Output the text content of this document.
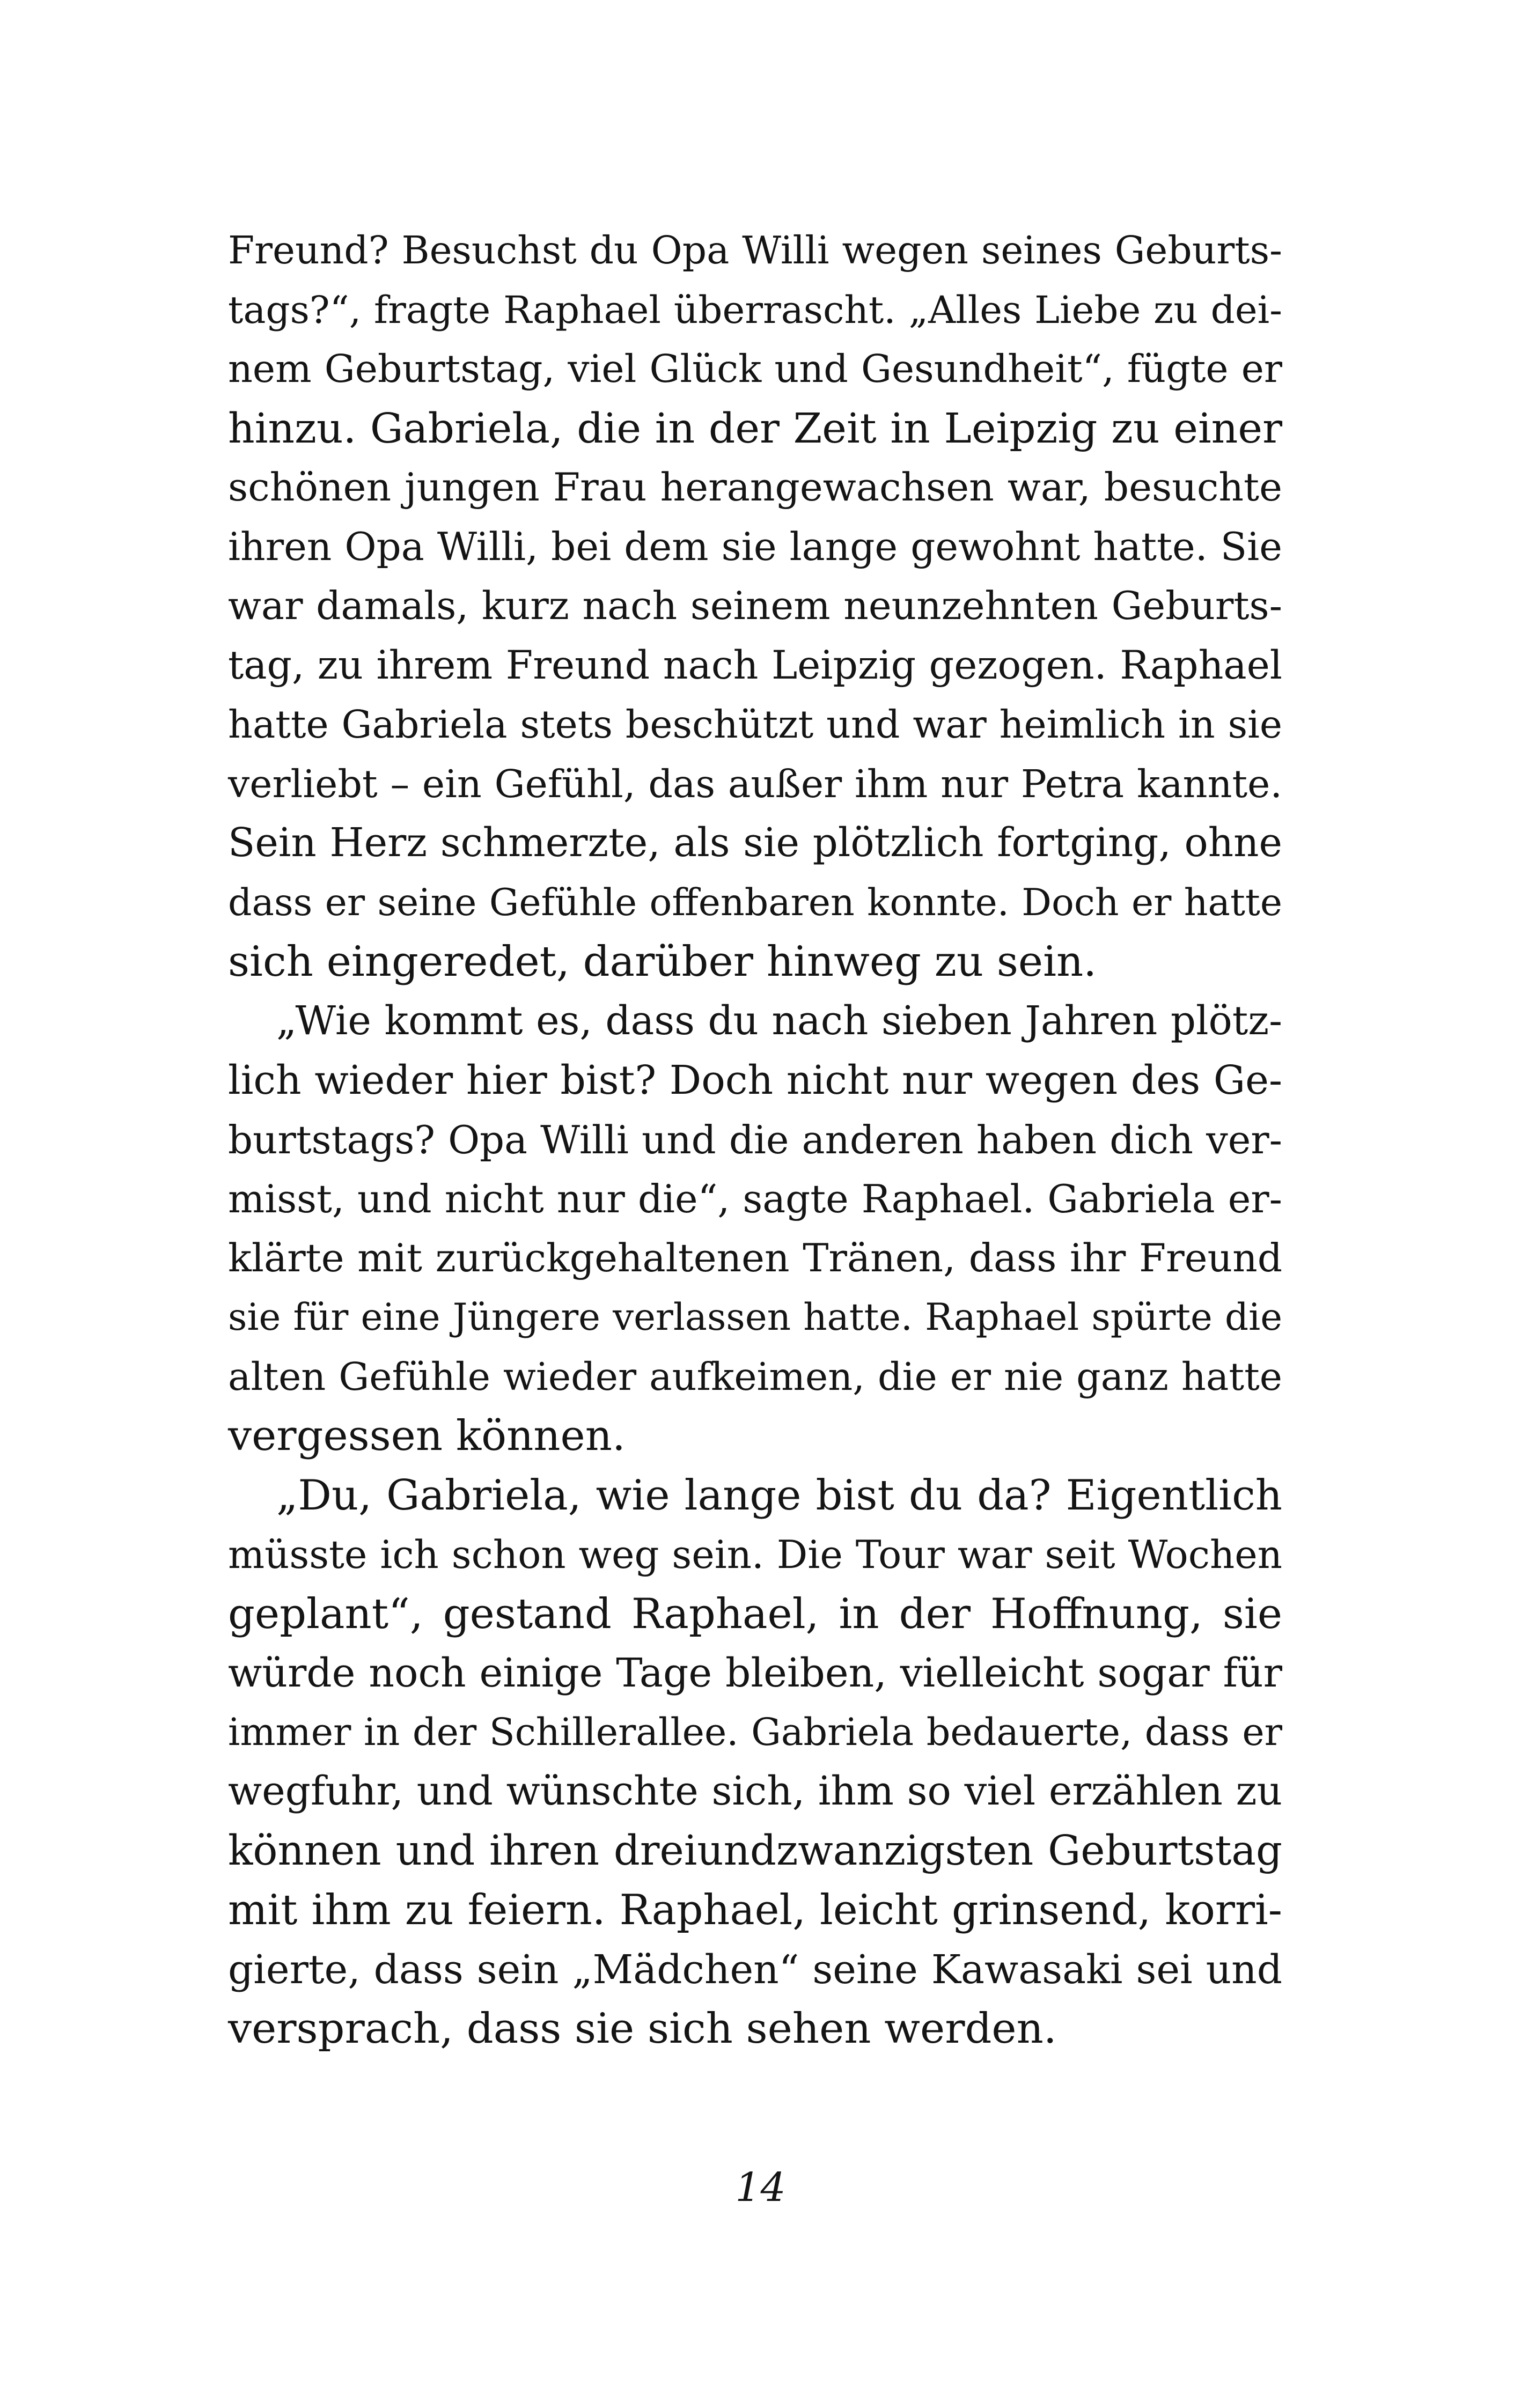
Freund? Besuchst du Opa Willi wegen seines Geburts-
tags?“, fragte Raphael überrascht. „Alles Liebe zu dei-
nem Geburtstag, viel Glück und Gesundheit“, fügte er
hinzu. Gabriela, die in der Zeit in Leipzig zu einer
schönen jungen Frau herangewachsen war, besuchte
ihren Opa Willi, bei dem sie lange gewohnt hatte. Sie
war damals, kurz nach seinem neunzehnten Geburts-
tag, zu ihrem Freund nach Leipzig gezogen. Raphael
hatte Gabriela stets beschützt und war heimlich in sie
verliebt – ein Gefühl, das außer ihm nur Petra kannte.
Sein Herz schmerzte, als sie plötzlich fortging, ohne
dass er seine Gefühle offenbaren konnte. Doch er hatte
sich eingeredet, darüber hinweg zu sein.
„Wie kommt es, dass du nach sieben Jahren plötz-
lich wieder hier bist? Doch nicht nur wegen des Ge-
burtstags? Opa Willi und die anderen haben dich ver-
misst, und nicht nur die“, sagte Raphael. Gabriela er-
klärte mit zurückgehaltenen Tränen, dass ihr Freund
sie für eine Jüngere verlassen hatte. Raphael spürte die
alten Gefühle wieder aufkeimen, die er nie ganz hatte
vergessen können.
„Du, Gabriela, wie lange bist du da? Eigentlich
müsste ich schon weg sein. Die Tour war seit Wochen
geplant“, gestand Raphael, in der Hoffnung, sie
würde noch einige Tage bleiben, vielleicht sogar für
immer in der Schillerallee. Gabriela bedauerte, dass er
wegfuhr, und wünschte sich, ihm so viel erzählen zu
können und ihren dreiundzwanzigsten Geburtstag
mit ihm zu feiern. Raphael, leicht grinsend, korri-
gierte, dass sein „Mädchen“ seine Kawasaki sei und
versprach, dass sie sich sehen werden.
14
